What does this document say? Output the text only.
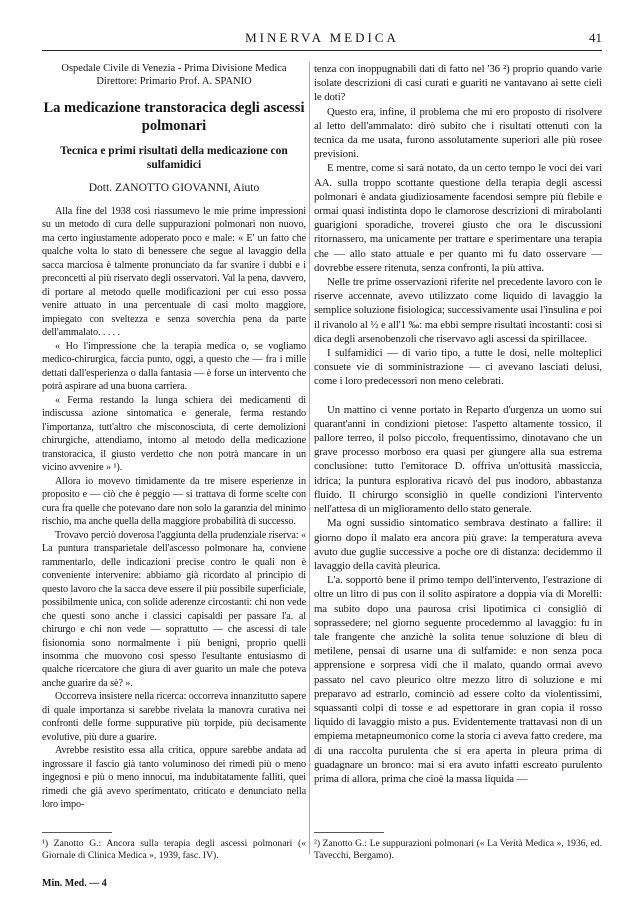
MINERVA MEDICA	41
Ospedale Civile di Venezia - Prima Divisione Medica
Direttore: Primario Prof. A. SPANIO
La medicazione transtoracica degli ascessi polmonari
Tecnica e primi risultati della medicazione con sulfamidici
Dott. ZANOTTO GIOVANNI, Aiuto

Alla fine del 1938 così riassumevo le mie prime impressioni su un metodo di cura delle suppurazioni polmonari non nuovo, ma certo ingiustamente adoperato poco e male: « E' un fatto che qualche volta lo stato di benessere che segue al lavaggio della sacca marciosa è talmente pronunciato da far svanire i dubbi e i preconcetti al più riservato degli osservatori. Val la pena, davvero, di portare al metodo quelle modificazioni per cui esso possa venire attuato in una percentuale di casi molto maggiore, impiegato con sveltezza e senza soverchia pena da parte dell'ammalato. . . . .

« Ho l'impressione che la terapia medica o, se vogliamo medico-chirurgica, faccia punto, oggi, a questo che — fra i mille dettati dall'esperienza o dalla fantasia — è forse un intervento che potrà aspirare ad una buona carriera.

« Ferma restando la lunga schiera dei medicamenti di indiscussa azione sintomatica e generale, ferma restando l'importanza, tutt'altro che misconosciuta, di certe demolizioni chirurgiche, attendiamo, intorno al metodo della medicazione transtoracica, il giusto verdetto che non potrà mancare in un vicino avvenire » ¹).

Allora io movevo timidamente da tre misere esperienze in proposito e — ciò che è peggio — si trattava di forme scelte con cura fra quelle che potevano dare non solo la garanzia del minimo rischio, ma anche quella della maggiore probabilità di successo.

Trovavo perciò doverosa l'aggiunta della prudenziale riserva: « La puntura transparietale dell'ascesso polmonare ha, conviene rammentarlo, delle indicazioni precise contro le quali non è conveniente intervenire: abbiamo già ricordato al principio di questo lavoro che la sacca deve essere il più possibile superficiale, possibilmente unica, con solide aderenze circostanti: chi non vede che questi sono anche i classici capisaldi per passare l'a. al chirurgo e chi non vede — soprattutto — che ascessi di tale fisionomia sono normalmente i più benigni, proprio quelli insomma che muovono così spesso l'esultante entusiasmo di qualche ricercatore che giura di aver guarito un male che poteva anche guarire da sè? ».

Occorreva insistere nella ricerca: occorreva innanzitutto sapere di quale importanza si sarebbe rivelata la manovra curativa nei confronti delle forme suppurative più torpide, più decisamente evolutive, più dure a guarire.

Avrebbe resistito essa alla critica, oppure sarebbe andata ad ingrossare il fascio già tanto voluminoso dei rimedi più o meno ingegnosi e più o meno innocui, ma indubitatamente falliti, quei rimedi che già avevo sperimentato, criticato e denunciato nella loro impo-

tenza con inoppugnabili dati di fatto nel '36 ²) proprio quando varie isolate descrizioni di casi curati e guariti ne vantavano ai sette cieli le doti?

Questo era, infine, il problema che mi ero proposto di risolvere al letto dell'ammalato: dirò subito che i risultati ottenuti con la tecnica da me usata, furono assolutamente superiori alle più rosee previsioni.

E mentre, come si sarà notato, da un certo tempo le voci dei vari AA. sulla troppo scottante questione della terapia degli ascessi polmonari è andata giudiziosamente facendosi sempre più flebile e ormai quasi indistinta dopo le clamorose descrizioni di mirabolanti guarigioni sporadiche, troverei giusto che ora le discussioni ritornassero, ma unicamente per trattare e sperimentare una terapia che — allo stato attuale e per quanto mi fu dato osservare — dovrebbe essere ritenuta, senza confronti, la più attiva.

Nelle tre prime osservazioni riferite nel precedente lavoro con le riserve accennate, avevo utilizzato come liquido di lavaggio la semplice soluzione fisiologica; successivamente usai l'insulina e poi il rivanolo al ½ e all'1 ‰: ma ebbi sempre risultati incostanti: così si dica degli arsenobenzoli che riservavo agli ascessi da spirillacee.

I sulfamidici — di vario tipo, a tutte le dosi, nelle molteplici consuete vie di somministrazione — ci avevano lasciati delusi, come i loro predecessori non meno celebrati.

Un mattino ci venne portato in Reparto d'urgenza un uomo sui quarant'anni in condizioni pietose: l'aspetto altamente tossico, il pallore terreo, il polso piccolo, frequentissimo, dinotavano che un grave processo morboso era quasi per giungere alla sua estrema conclusione: tutto l'emitorace D. offriva un'ottusità massiccia, idrica; la puntura esplorativa ricavò del pus inodoro, abbastanza fluido. Il chirurgo sconsigliò in quelle condizioni l'intervento nell'attesa di un miglioramento dello stato generale.

Ma ogni sussidio sintomatico sembrava destinato a fallire: il giorno dopo il malato era ancora più grave: la temperatura aveva avuto due guglie successive a poche ore di distanza: decidemmo il lavaggio della cavità pleurica.

L'a. sopportò bene il primo tempo dell'intervento, l'estrazione di oltre un litro di pus con il solito aspiratore a doppia via di Morelli: ma subito dopo una paurosa crisi lipotimica ci consigliò di soprassedere; nel giorno seguente procedemmo al lavaggio: fu in tale frangente che anzichè la solita tenue soluzione di bleu di metilene, pensai di usarne una di sulfamide: e non senza poca apprensione e sorpresa vidi che il malato, quando ormai avevo passato nel cavo pleurico oltre mezzo litro di soluzione e mi preparavo ad estrarlo, cominciò ad essere colto da violentissimi, squassanti colpi di tosse e ad espettorare in gran copia il rosso liquido di lavaggio misto a pus. Evidentemente trattavasi non di un empiema metapneumonico come la storia ci aveva fatto credere, ma di una raccolta purulenta che si era aperta in pleura prima di guadagnare un bronco: mai si era avuto infatti escreato purulento prima di allora, prima che cioè la massa liquida —

¹) Zanotto G.: Ancora sulla terapia degli ascessi polmonari (« Giornale di Clinica Medica », 1939, fasc. IV).
²) Zanotto G.: Le suppurazioni polmonari (« La Verità Medica », 1936, ed. Tavecchi, Bergamo).
Min. Med. — 4
